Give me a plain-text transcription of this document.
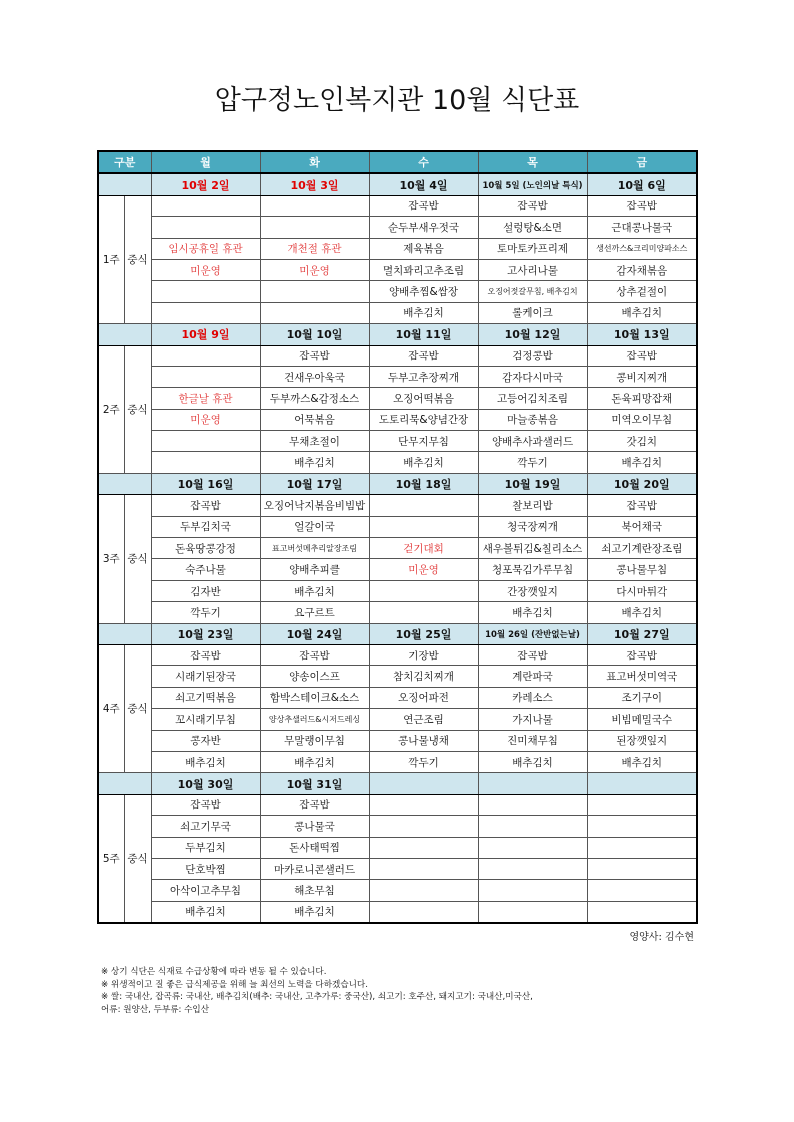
압구정노인복지관 10월 식단표
구분		월	화	수	목	금
		10월 2일	10월 3일	10월 4일	10월 5일 (노인의날 특식)	10월 6일
1주	중식			잡곡밥	잡곡밥	잡곡밥
				순두부새우젓국	설렁탕&소면	근대콩나물국
		임시공휴일 휴관	개천절 휴관	제육볶음	토마토카프리제	생선까스&크리미양파소스
		미운영	미운영	멸치꽈리고추조림	고사리나물	감자채볶음
				양배추찜&쌈장	오징어젓갈무침, 배추김치	상추겉절이
				배추김치	롤케이크	배추김치
		10월 9일	10월 10일	10월 11일	10월 12일	10월 13일
2주	중식		잡곡밥	잡곡밥	검정콩밥	잡곡밥
			건새우아욱국	두부고추장찌개	감자다시마국	콩비지찌개
		한글날 휴관	두부까스&감정소스	오징어떡볶음	고등어김치조림	돈육피망잡채
		미운영	어묵볶음	도토리묵&양념간장	마늘종볶음	미역오이무침
			무채초절이	단무지무침	양배추사과샐러드	갓김치
			배추김치	배추김치	깍두기	배추김치
		10월 16일	10월 17일	10월 18일	10월 19일	10월 20일
3주	중식	잡곡밥	오징어낙지볶음비빔밥		찰보리밥	잡곡밥
		두부김치국	얼갈이국		청국장찌개	북어채국
		돈육땅콩강정	표고버섯메추리알장조림	걷기대회	새우볼튀김&칠리소스	쇠고기계란장조림
		숙주나물	양배추피클	미운영	청포묵김가루무침	콩나물무침
		김자반	배추김치		간장깻잎지	다시마튀각
		깍두기	요구르트		배추김치	배추김치
		10월 23일	10월 24일	10월 25일	10월 26일 (잔반없는날)	10월 27일
4주	중식	잡곡밥	잡곡밥	기장밥	잡곡밥	잡곡밥
		시래기된장국	양송이스프	참치김치찌개	계란파국	표고버섯미역국
		쇠고기떡볶음	함박스테이크&소스	오징어파전	카레소스	조기구이
		꼬시래기무침	양상추샐러드&시저드레싱	연근조림	가지나물	비빔메밀국수
		콩자반	무말랭이무침	콩나물냉채	진미채무침	된장깻잎지
		배추김치	배추김치	깍두기	배추김치	배추김치
		10월 30일	10월 31일			
5주	중식	잡곡밥	잡곡밥			
		쇠고기무국	콩나물국			
		두부김치	돈사태떡찜			
		단호박찜	마카로니콘샐러드			
		아삭이고추무침	해초무침			
		배추김치	배추김치			
영양사: 김수현
※ 상기 식단은 식재료 수급상황에 따라 변동 될 수 있습니다.
※ 위생적이고 질 좋은 급식제공을 위해 늘 최선의 노력을 다하겠습니다.
※ 쌀: 국내산, 잡곡류: 국내산, 배추김치(배추: 국내산, 고추가루: 중국산), 쇠고기: 호주산, 돼지고기: 국내산,미국산,
어류: 원양산, 두부류: 수입산
